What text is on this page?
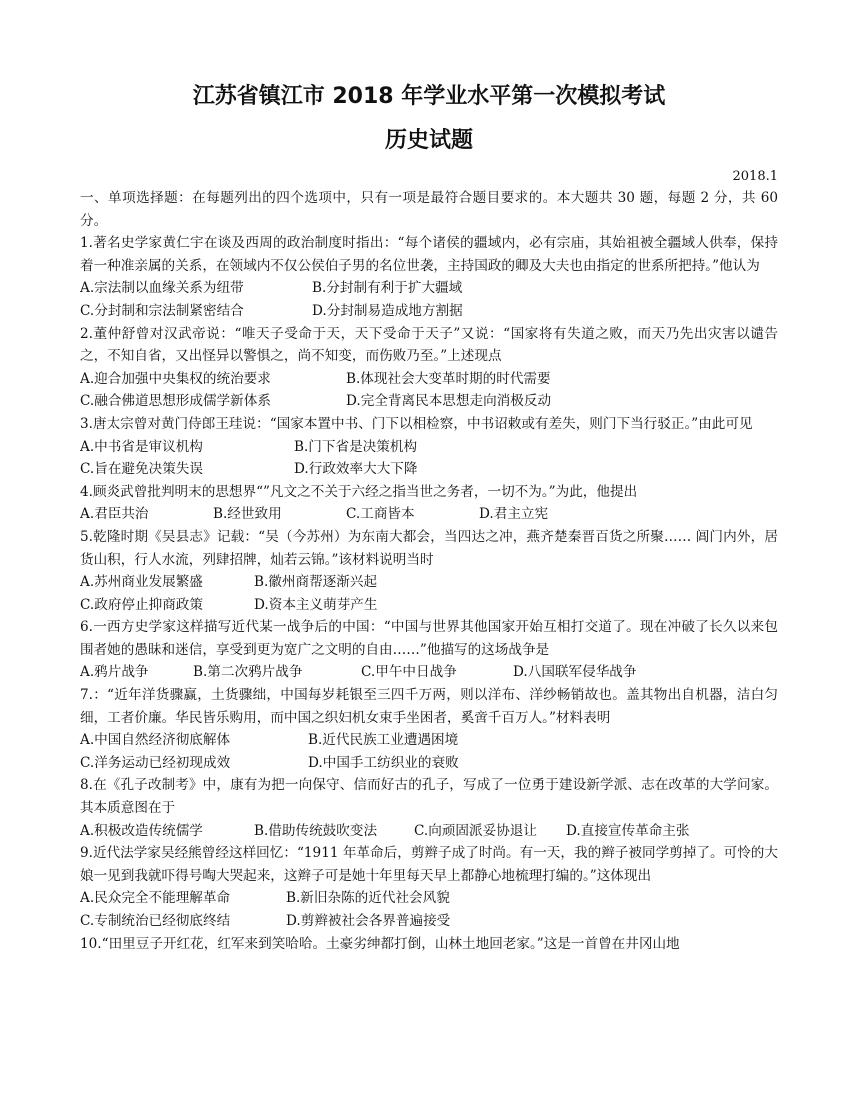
江苏省镇江市 2018 年学业水平第一次模拟考试
历史试题
2018.1
一、单项选择题：在每题列出的四个选项中，只有一项是最符合题目要求的。本大题共 30 题，每题 2 分，共 60 分。
1.著名史学家黄仁宇在谈及西周的政治制度时指出：“每个诸侯的疆域内，必有宗庙，其始祖被全疆域人供奉，保持着一种准亲属的关系，在领域内不仅公侯伯子男的名位世袭，主持国政的卿及大夫也由指定的世系所把持。”他认为
A.宗法制以血缘关系为纽带	B.分封制有利于扩大疆域
C.分封制和宗法制紧密结合	D.分封制易造成地方割据
2.董仲舒曾对汉武帝说：“唯天子受命于天，天下受命于天子”又说：“国家将有失道之败，而天乃先出灾害以谴告之，不知自省，又出怪异以警惧之，尚不知变，而伤败乃至。”上述现点
A.迎合加强中央集权的统治要求	B.体现社会大变革时期的时代需要
C.融合佛道思想形成儒学新体系	D.完全背离民本思想走向消极反动
3.唐太宗曾对黄门侍郎王珪说：“国家本置中书、门下以相检察，中书诏敕或有差失，则门下当行驳正。”由此可见
A.中书省是审议机构	B.门下省是决策机构
C.旨在避免决策失误	D.行政效率大大下降
4.顾炎武曾批判明末的思想界“”凡文之不关于六经之指当世之务者，一切不为。”为此，他提出
A.君臣共治	B.经世致用	C.工商皆本	D.君主立宪
5.乾隆时期《吴县志》记载：“吴（今苏州）为东南大都会，当四达之冲，燕齐楚秦晋百货之所聚…… 阊门内外，居货山积，行人水流，列肆招牌，灿若云锦。”该材料说明当时
A.苏州商业发展繁盛	B.徽州商帮逐渐兴起
C.政府停止抑商政策	D.资本主义萌芽产生
6.一西方史学家这样描写近代某一战争后的中国：“中国与世界其他国家开始互相打交道了。现在冲破了长久以来包围者她的愚昧和迷信，享受到更为宽广之文明的自由……”他描写的这场战争是
A.鸦片战争	B.第二次鸦片战争	C.甲午中日战争	D.八国联军侵华战争
7.：“近年洋货骤赢，土货骤绌，中国每岁耗银至三四千万两，则以洋布、洋纱畅销故也。盖其物出自机器，洁白匀细，工者价廉。华民皆乐购用，而中国之织妇机女束手坐困者，奚啻千百万人。”材料表明
A.中国自然经济彻底解体	B.近代民族工业遭遇困境
C.洋务运动已经初现成效	D.中国手工纺织业的衰败
8.在《孔子改制考》中，康有为把一向保守、信而好古的孔子，写成了一位勇于建设新学派、志在改革的大学问家。其本质意图在于
A.积极改造传统儒学	B.借助传统鼓吹变法	C.向顽固派妥协退让	D.直接宣传革命主张
9.近代法学家吴经熊曾经这样回忆：“1911 年革命后，剪辫子成了时尚。有一天，我的辫子被同学剪掉了。可怜的大娘一见到我就吓得号啕大哭起来，这辫子可是她十年里每天早上都静心地梳理打编的。”这体现出
A.民众完全不能理解革命	B.新旧杂陈的近代社会风貌
C.专制统治已经彻底终结	D.剪辫被社会各界普遍接受
10.“田里豆子开红花，红军来到笑哈哈。土豪劣绅都打倒，山林土地回老家。”这是一首曾在井冈山地
